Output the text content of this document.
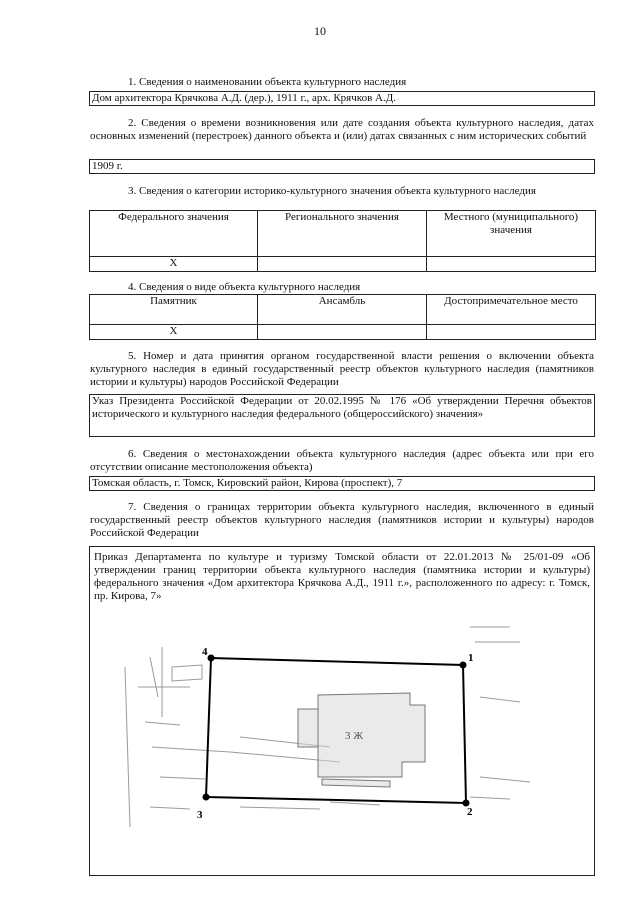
10

1. Сведения о наименовании объекта культурного наследия

Дом архитектора Крячкова А.Д. (дер.), 1911 г., арх. Крячков А.Д.

2. Сведения о времени возникновения или дате создания объекта культурного наследия, датах основных изменений (перестроек) данного объекта и (или) датах связанных с ним исторических событий

1909 г.

3. Сведения о категории историко-культурного значения объекта культурного наследия

Федерального значения	Регионального значения	Местного (муниципального) значения
Х		

4. Сведения о виде объекта культурного наследия

Памятник	Ансамбль	Достопримечательное место
Х		

5. Номер и дата принятия органом государственной власти решения о включении объекта культурного наследия в единый государственный реестр объектов культурного наследия (памятников истории и культуры) народов Российской Федерации

Указ Президента Российской Федерации от 20.02.1995 № 176 «Об утверждении Перечня объектов исторического и культурного наследия федерального (общероссийского) значения»

6. Сведения о местонахождении объекта культурного наследия (адрес объекта или при его отсутствии описание местоположения объекта)

Томская область, г. Томск, Кировский район, Кирова (проспект), 7

7. Сведения о границах территории объекта культурного наследия, включенного в единый государственный реестр объектов культурного наследия (памятников истории и культуры) народов Российской Федерации

Приказ Департамента по культуре и туризму Томской области от 22.01.2013 № 25/01-09 «Об утверждении границ территории объекта культурного наследия (памятника истории и культуры) федерального значения «Дом архитектора Крячкова А.Д., 1911 г.», расположенного по адресу: г. Томск, пр. Кирова, 7»
3 Ж
1
2
3
4
